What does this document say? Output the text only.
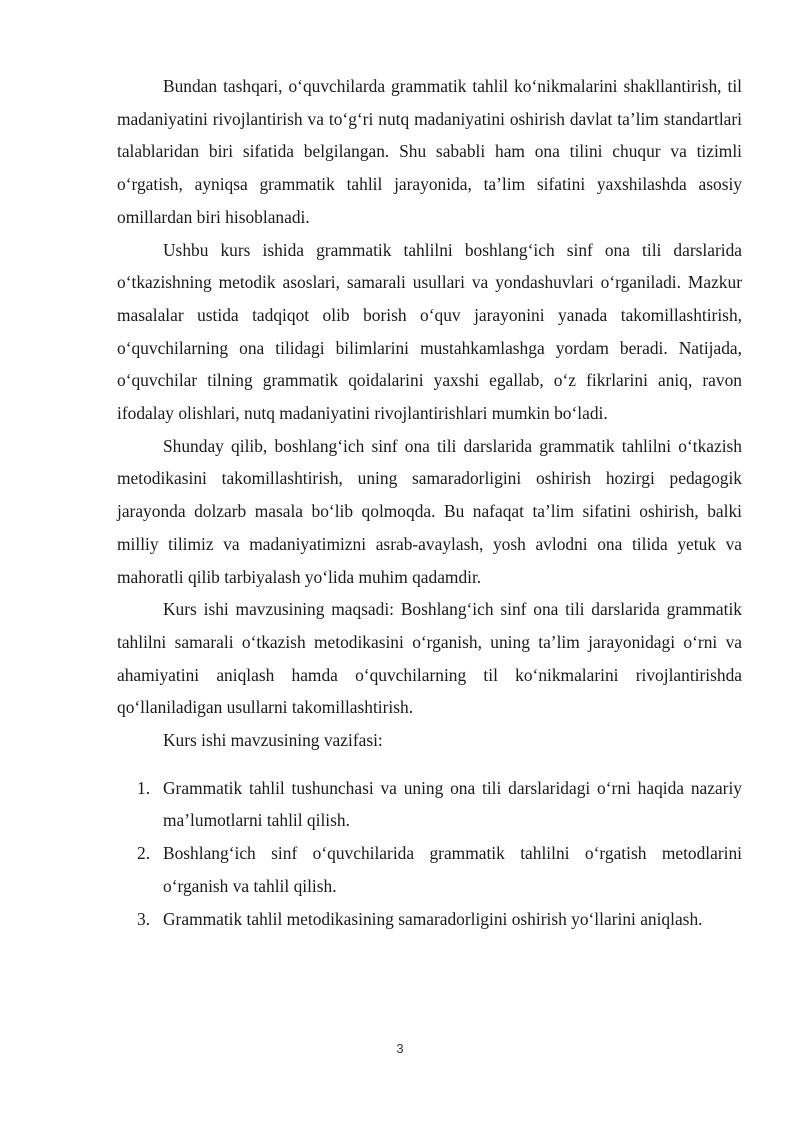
Bundan tashqari, o‘quvchilarda grammatik tahlil ko‘nikmalarini shakllantirish, til madaniyatini rivojlantirish va to‘g‘ri nutq madaniyatini oshirish davlat ta’lim standartlari talablaridan biri sifatida belgilangan. Shu sababli ham ona tilini chuqur va tizimli o‘rgatish, ayniqsa grammatik tahlil jarayonida, ta’lim sifatini yaxshilashda asosiy omillardan biri hisoblanadi.

Ushbu kurs ishida grammatik tahlilni boshlang‘ich sinf ona tili darslarida o‘tkazishning metodik asoslari, samarali usullari va yondashuvlari o‘rganiladi. Mazkur masalalar ustida tadqiqot olib borish o‘quv jarayonini yanada takomillashtirish, o‘quvchilarning ona tilidagi bilimlarini mustahkamlashga yordam beradi. Natijada, o‘quvchilar tilning grammatik qoidalarini yaxshi egallab, o‘z fikrlarini aniq, ravon ifodalay olishlari, nutq madaniyatini rivojlantirishlari mumkin bo‘ladi.

Shunday qilib, boshlang‘ich sinf ona tili darslarida grammatik tahlilni o‘tkazish metodikasini takomillashtirish, uning samaradorligini oshirish hozirgi pedagogik jarayonda dolzarb masala bo‘lib qolmoqda. Bu nafaqat ta’lim sifatini oshirish, balki milliy tilimiz va madaniyatimizni asrab-avaylash, yosh avlodni ona tilida yetuk va mahoratli qilib tarbiyalash yo‘lida muhim qadamdir.

Kurs ishi mavzusining maqsadi: Boshlang‘ich sinf ona tili darslarida grammatik tahlilni samarali o‘tkazish metodikasini o‘rganish, uning ta’lim jarayonidagi o‘rni va ahamiyatini aniqlash hamda o‘quvchilarning til ko‘nikmalarini rivojlantirishda qo‘llaniladigan usullarni takomillashtirish.

Kurs ishi mavzusining vazifasi:

1. Grammatik tahlil tushunchasi va uning ona tili darslaridagi o‘rni haqida nazariy ma’lumotlarni tahlil qilish.
2. Boshlang‘ich sinf o‘quvchilarida grammatik tahlilni o‘rgatish metodlarini o‘rganish va tahlil qilish.
3. Grammatik tahlil metodikasining samaradorligini oshirish yo‘llarini aniqlash.
3
